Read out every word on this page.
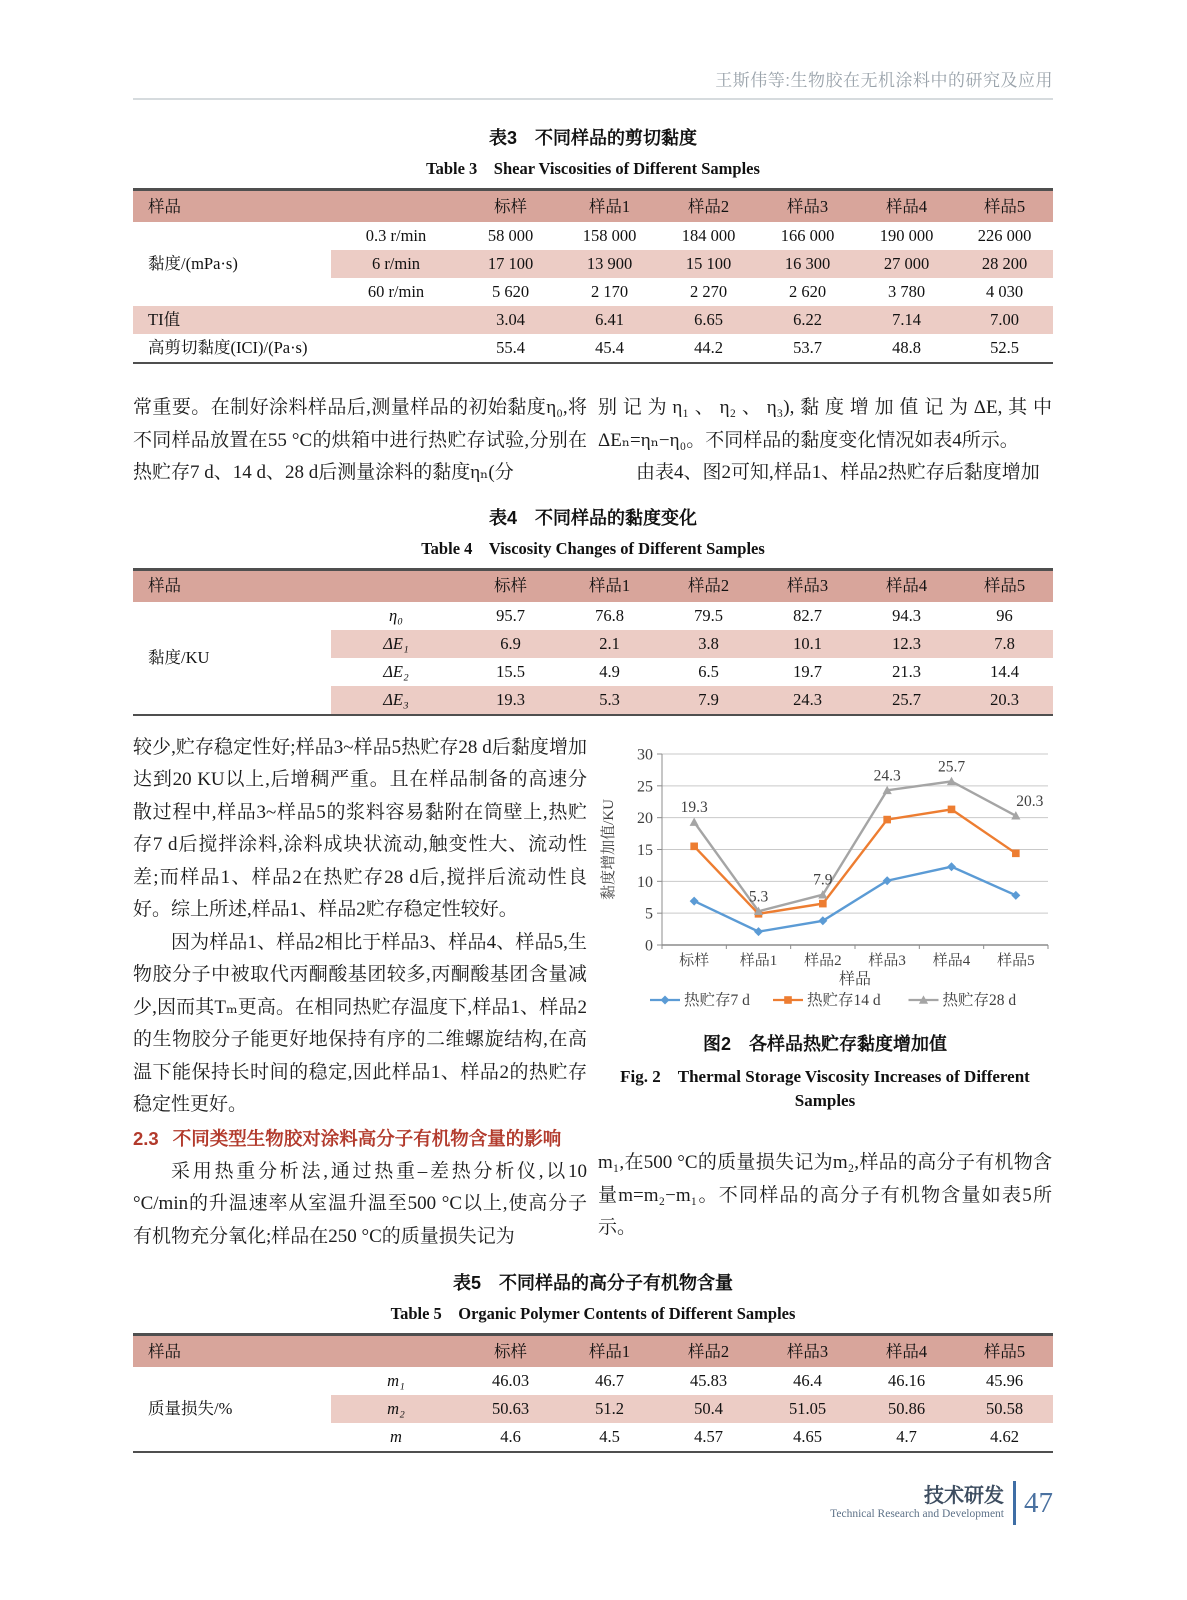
王斯伟等:生物胶在无机涂料中的研究及应用
表3　不同样品的剪切黏度
Table 3　Shear Viscosities of Different Samples
样品		标样	样品1	样品2	样品3	样品4	样品5
黏度/(mPa·s)	0.3 r/min	58 000	158 000	184 000	166 000	190 000	226 000
	6 r/min	17 100	13 900	15 100	16 300	27 000	28 200
	60 r/min	5 620	2 170	2 270	2 620	3 780	4 030
TI值		3.04	6.41	6.65	6.22	7.14	7.00
高剪切黏度(ICI)/(Pa·s)		55.4	45.4	44.2	53.7	48.8	52.5

常重要。在制好涂料样品后,测量样品的初始黏度η₀,将不同样品放置在55 °C的烘箱中进行热贮存试验,分别在热贮存7 d、14 d、28 d后测量涂料的黏度ηₙ(分

别记为η₁、η₂、η₃),黏度增加值记为ΔE,其中ΔEₙ=ηₙ−η₀。不同样品的黏度变化情况如表4所示。

由表4、图2可知,样品1、样品2热贮存后黏度增加

表4　不同样品的黏度变化
Table 4　Viscosity Changes of Different Samples
样品		标样	样品1	样品2	样品3	样品4	样品5
黏度/KU	η₀	95.7	76.8	79.5	82.7	94.3	96
	ΔE₁	6.9	2.1	3.8	10.1	12.3	7.8
	ΔE₂	15.5	4.9	6.5	19.7	21.3	14.4
	ΔE₃	19.3	5.3	7.9	24.3	25.7	20.3

较少,贮存稳定性好;样品3~样品5热贮存28 d后黏度增加达到20 KU以上,后增稠严重。且在样品制备的高速分散过程中,样品3~样品5的浆料容易黏附在筒壁上,热贮存7 d后搅拌涂料,涂料成块状流动,触变性大、流动性差;而样品1、样品2在热贮存28 d后,搅拌后流动性良好。综上所述,样品1、样品2贮存稳定性较好。

因为样品1、样品2相比于样品3、样品4、样品5,生物胶分子中被取代丙酮酸基团较多,丙酮酸基团含量减少,因而其Tₘ更高。在相同热贮存温度下,样品1、样品2的生物胶分子能更好地保持有序的二维螺旋结构,在高温下能保持长时间的稳定,因此样品1、样品2的热贮存稳定性更好。

2.3 不同类型生物胶对涂料高分子有机物含量的影响

采用热重分析法,通过热重–差热分析仪,以10 °C/min的升温速率从室温升温至500 °C以上,使高分子有机物充分氧化;样品在250 °C的质量损失记为

0
5
10
15
20
25
30
标样 样品1 样品2 样品3 样品4 样品5
样品
黏度增加值/KU	19.3
5.3
7.9
24.3
25.7
20.3
热贮存7 d	热贮存14 d	热贮存28 d
图2　各样品热贮存黏度增加值
Fig. 2　Thermal Storage Viscosity Increases of Different Samples

m₁,在500 °C的质量损失记为m₂,样品的高分子有机物含量m=m₂−m₁。不同样品的高分子有机物含量如表5所示。

表5　不同样品的高分子有机物含量
Table 5　Organic Polymer Contents of Different Samples
样品		标样	样品1	样品2	样品3	样品4	样品5
质量损失/%	m₁	46.03	46.7	45.83	46.4	46.16	45.96
	m₂	50.63	51.2	50.4	51.05	50.86	50.58
	m	4.6	4.5	4.57	4.65	4.7	4.62
技术研发
Technical Research and Development 47
